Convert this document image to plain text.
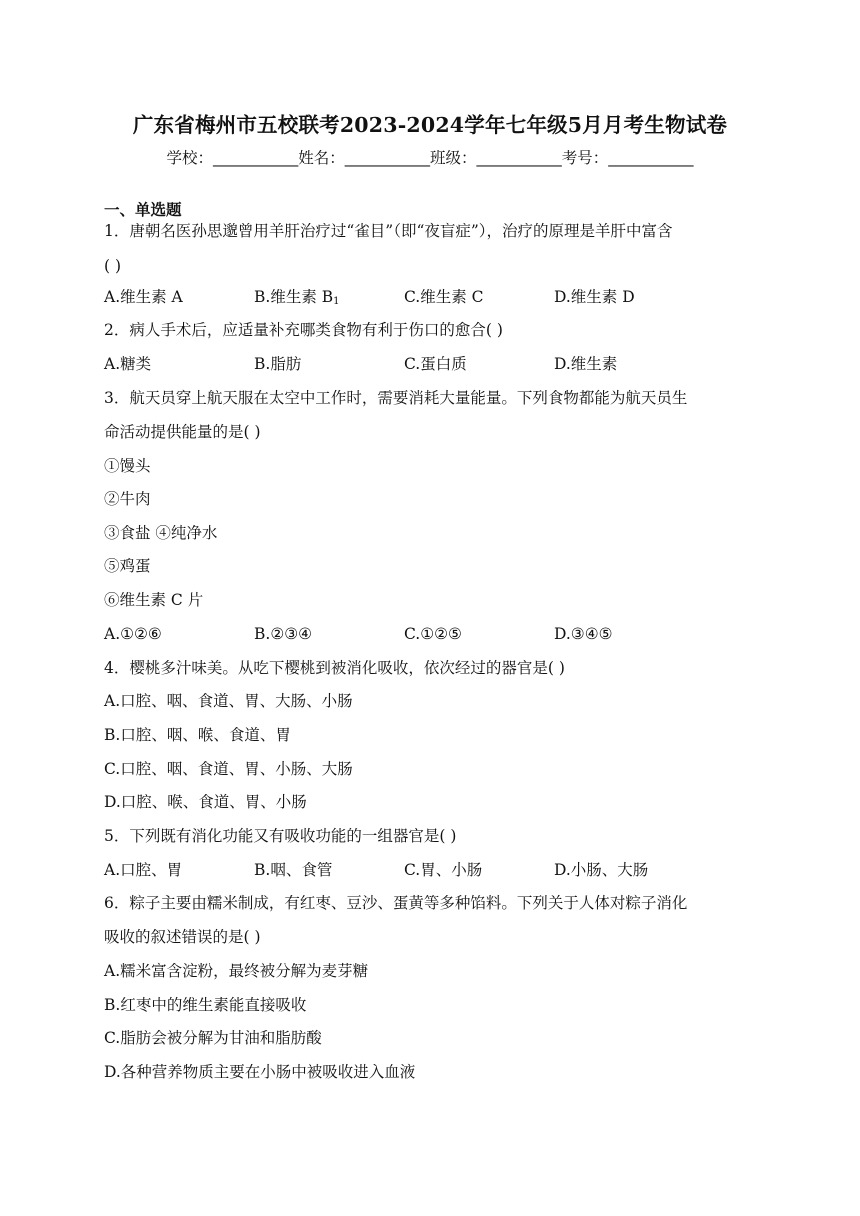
广东省梅州市五校联考2023-2024学年七年级5月月考生物试卷
学校：___________姓名：___________班级：___________考号：___________
一、单选题
1．唐朝名医孙思邈曾用羊肝治疗过“雀目”（即“夜盲症”），治疗的原理是羊肝中富含
( )
A.维生素 A	B.维生素 $B_1$	C.维生素 C	D.维生素 D
2．病人手术后，应适量补充哪类食物有利于伤口的愈合( )
A.糖类	B.脂肪	C.蛋白质	D.维生素
3．航天员穿上航天服在太空中工作时，需要消耗大量能量。下列食物都能为航天员生
命活动提供能量的是( )
①馒头
②牛肉
③食盐 ④纯净水
⑤鸡蛋
⑥维生素 C 片
A.①②⑥	B.②③④	C.①②⑤	D.③④⑤
4．樱桃多汁味美。从吃下樱桃到被消化吸收，依次经过的器官是( )
A.口腔、咽、食道、胃、大肠、小肠
B.口腔、咽、喉、食道、胃
C.口腔、咽、食道、胃、小肠、大肠
D.口腔、喉、食道、胃、小肠
5．下列既有消化功能又有吸收功能的一组器官是( )
A.口腔、胃	B.咽、食管	C.胃、小肠	D.小肠、大肠
6．粽子主要由糯米制成，有红枣、豆沙、蛋黄等多种馅料。下列关于人体对粽子消化
吸收的叙述错误的是( )
A.糯米富含淀粉，最终被分解为麦芽糖
B.红枣中的维生素能直接吸收
C.脂肪会被分解为甘油和脂肪酸
D.各种营养物质主要在小肠中被吸收进入血液
